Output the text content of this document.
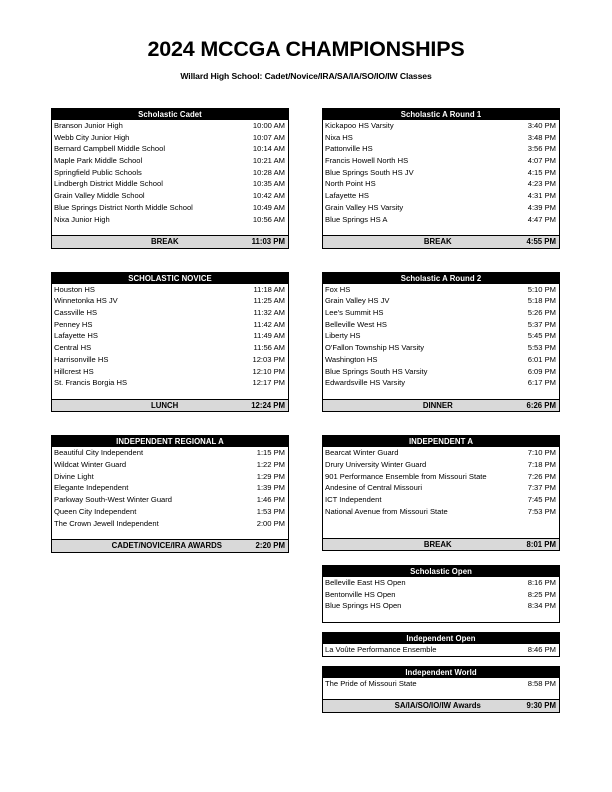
2024 MCCGA CHAMPIONSHIPS

Willard High School: Cadet/Novice/IRA/SA/IA/SO/IO/IW Classes

Scholastic Cadet
Branson Junior High	10:00 AM
Webb City Junior High	10:07 AM
Bernard Campbell Middle School	10:14 AM
Maple Park Middle School	10:21 AM
Springfield Public Schools	10:28 AM
Lindbergh District Middle School	10:35 AM
Grain Valley Middle School	10:42 AM
Blue Springs District North Middle School	10:49 AM
Nixa Junior High	10:56 AM
BREAK	11:03 PM
SCHOLASTIC NOVICE
Houston HS	11:18 AM
Winnetonka HS JV	11:25 AM
Cassville HS	11:32 AM
Penney HS	11:42 AM
Lafayette HS	11:49 AM
Central HS	11:56 AM
Harrisonville HS	12:03 PM
Hillcrest HS	12:10 PM
St. Francis Borgia HS	12:17 PM
LUNCH	12:24 PM
INDEPENDENT REGIONAL A
Beautiful City Independent	1:15 PM
Wildcat Winter Guard	1:22 PM
Divine Light	1:29 PM
Elegante Independent	1:39 PM
Parkway South-West Winter Guard	1:46 PM
Queen City Independent	1:53 PM
The Crown Jewell Independent	2:00 PM
CADET/NOVICE/IRA AWARDS	2:20 PM
Scholastic A Round 1
Kickapoo HS Varsity	3:40 PM
Nixa HS	3:48 PM
Pattonville HS	3:56 PM
Francis Howell North HS	4:07 PM
Blue Springs South HS JV	4:15 PM
North Point HS	4:23 PM
Lafayette HS	4:31 PM
Grain Valley HS Varsity	4:39 PM
Blue Springs HS A	4:47 PM
BREAK	4:55 PM
Scholastic A Round 2
Fox HS	5:10 PM
Grain Valley HS JV	5:18 PM
Lee's Summit HS	5:26 PM
Belleville West HS	5:37 PM
Liberty HS	5:45 PM
O'Fallon Township HS Varsity	5:53 PM
Washington HS	6:01 PM
Blue Springs South HS Varsity	6:09 PM
Edwardsville HS Varsity	6:17 PM
DINNER	6:26 PM
INDEPENDENT A
Bearcat Winter Guard	7:10 PM
Drury University Winter Guard	7:18 PM
901 Performance Ensemble from Missouri State	7:26 PM
Andesine of Central Missouri	7:37 PM
ICT Independent	7:45 PM
National Avenue from Missouri State	7:53 PM
BREAK	8:01 PM
Scholastic Open
Belleville East HS Open	8:16 PM
Bentonville HS Open	8:25 PM
Blue Springs HS Open	8:34 PM
Independent Open
La Voûte Performance Ensemble	8:46 PM
Independent World
The Pride of Missouri State	8:58 PM
SA/IA/SO/IO/IW Awards	9:30 PM
